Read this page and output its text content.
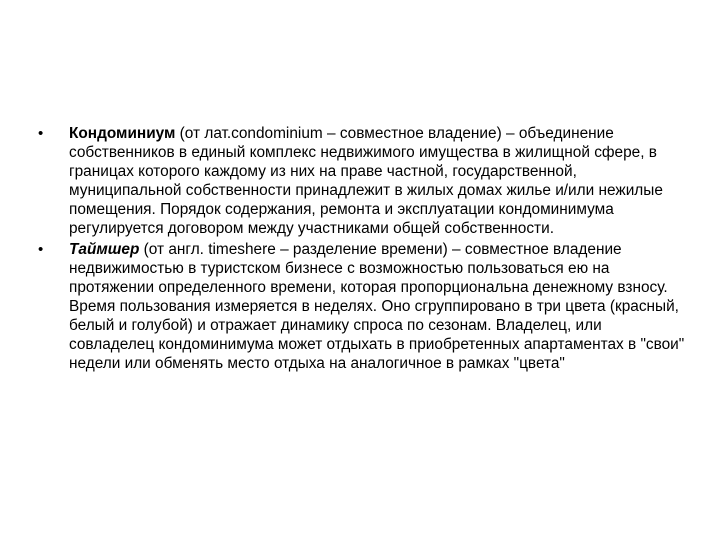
•	Кондоминиум (от лат.condominium – совместное владение) – объединение собственников в единый комплекс недвижимого имущества в жилищной сфере, в границах которого каждому из них на праве частной, государственной, муниципальной собственности принадлежит в жилых домах жилье и/или нежилые помещения. Порядок содержания, ремонта и эксплуатации кондоминимума регулируется договором между участниками общей собственности.
•	Таймшер (от англ. timeshere – разделение времени) – совместное владение недвижимостью в туристском бизнесе с возможностью пользоваться ею на протяжении определенного времени, которая пропорциональна денежному взносу. Время пользования измеряется в неделях. Оно сгруппировано в три цвета (красный, белый и голубой) и отражает динамику спроса по сезонам. Владелец, или совладелец кондоминимума может отдыхать в приобретенных апартаментах в "свои" недели или обменять место отдыха на аналогичное в рамках "цвета"
